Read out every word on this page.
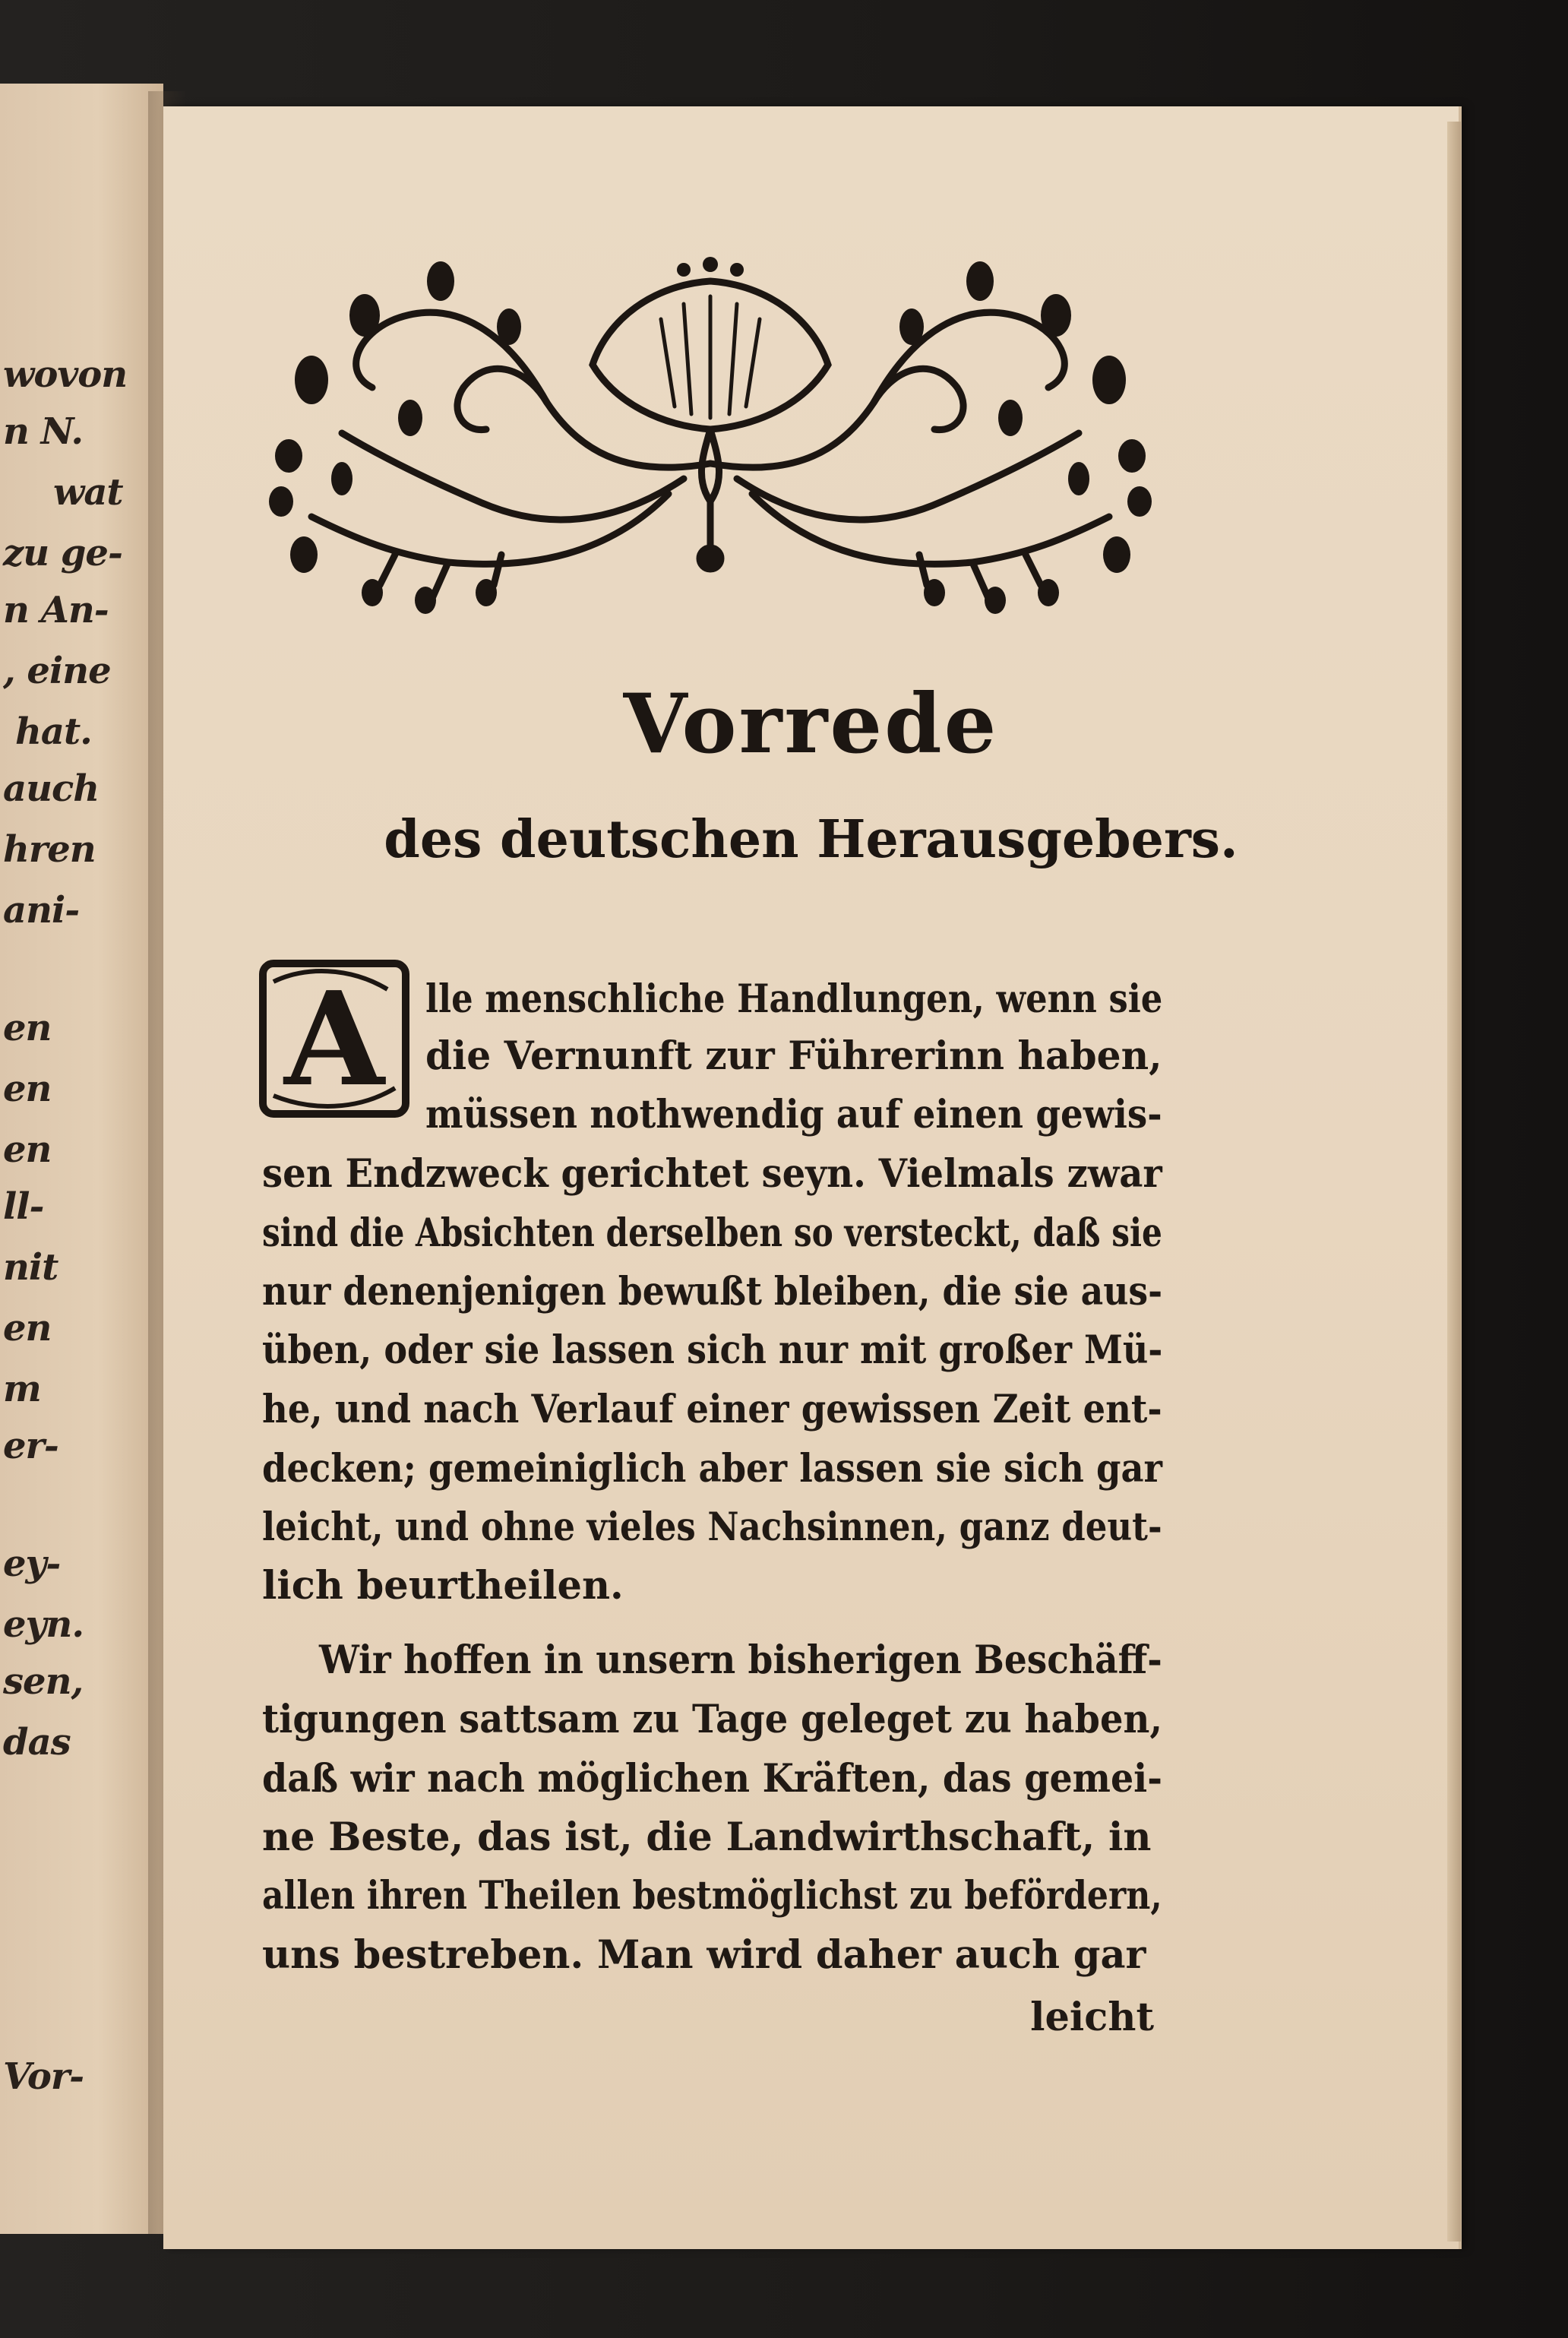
wovon
n N.
wat
zu ge-
n An-
, eine
hat.
auch
hren
ani-
en
en
en
ll-
nit
en
m
er-
ey-
eyn.
sen,
das
Vor-
Vorrede
des deutschen Herausgebers.
A lle menschliche Handlungen, wenn sie
die Vernunft zur Führerinn haben,
müssen nothwendig auf einen gewis-
sen Endzweck gerichtet seyn. Vielmals zwar
sind die Absichten derselben so versteckt, daß sie
nur denenjenigen bewußt bleiben, die sie aus-
üben, oder sie lassen sich nur mit großer Mü-
he, und nach Verlauf einer gewissen Zeit ent-
decken; gemeiniglich aber lassen sie sich gar
leicht, und ohne vieles Nachsinnen, ganz deut-
lich beurtheilen.
Wir hoffen in unsern bisherigen Beschäff-
tigungen sattsam zu Tage geleget zu haben,
daß wir nach möglichen Kräften, das gemei-
ne Beste, das ist, die Landwirthschaft, in
allen ihren Theilen bestmöglichst zu befördern,
uns bestreben. Man wird daher auch gar
leicht
